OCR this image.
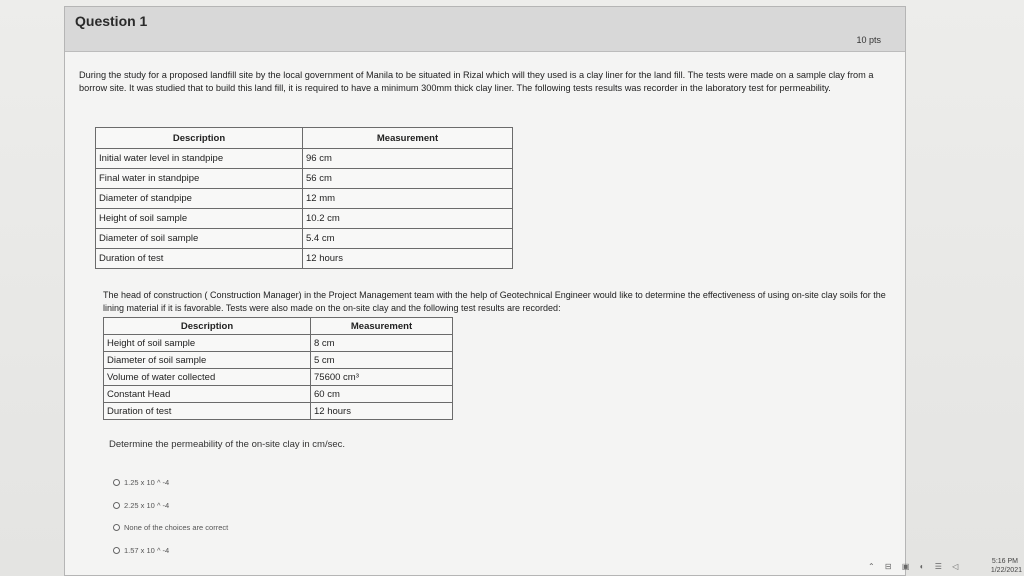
Question 1
10 pts

During the study for a proposed landfill site by the local government of Manila to be situated in Rizal which will they used is a clay liner for the land fill. The tests were made on a sample clay from a borrow site. It was studied that to build this land fill, it is required to have a minimum 300mm thick clay liner. The following tests results was recorder in the laboratory test for permeability.

Description	Measurement
Initial water level in standpipe	96 cm
Final water in standpipe	56 cm
Diameter of standpipe	12 mm
Height of soil sample	10.2 cm
Diameter of soil sample	5.4 cm
Duration of test	12 hours

The head of construction ( Construction Manager) in the Project Management team with the help of Geotechnical Engineer would like to determine the effectiveness of using on-site clay soils for the lining material if it is favorable. Tests were also made on the on-site clay and the following test results are recorded:

Description	Measurement
Height of soil sample	8 cm
Diameter of soil sample	5 cm
Volume of water collected	75600 cm³
Constant Head	60 cm
Duration of test	12 hours
Determine the permeability of the on-site clay in cm/sec.
1.25 x 10 ^ -4
2.25 x 10 ^ -4
None of the choices are correct
1.57 x 10 ^ -4
⌃ ⊟ ▣ ◐ ☰ ◁
5:16 PM
1/22/2021
